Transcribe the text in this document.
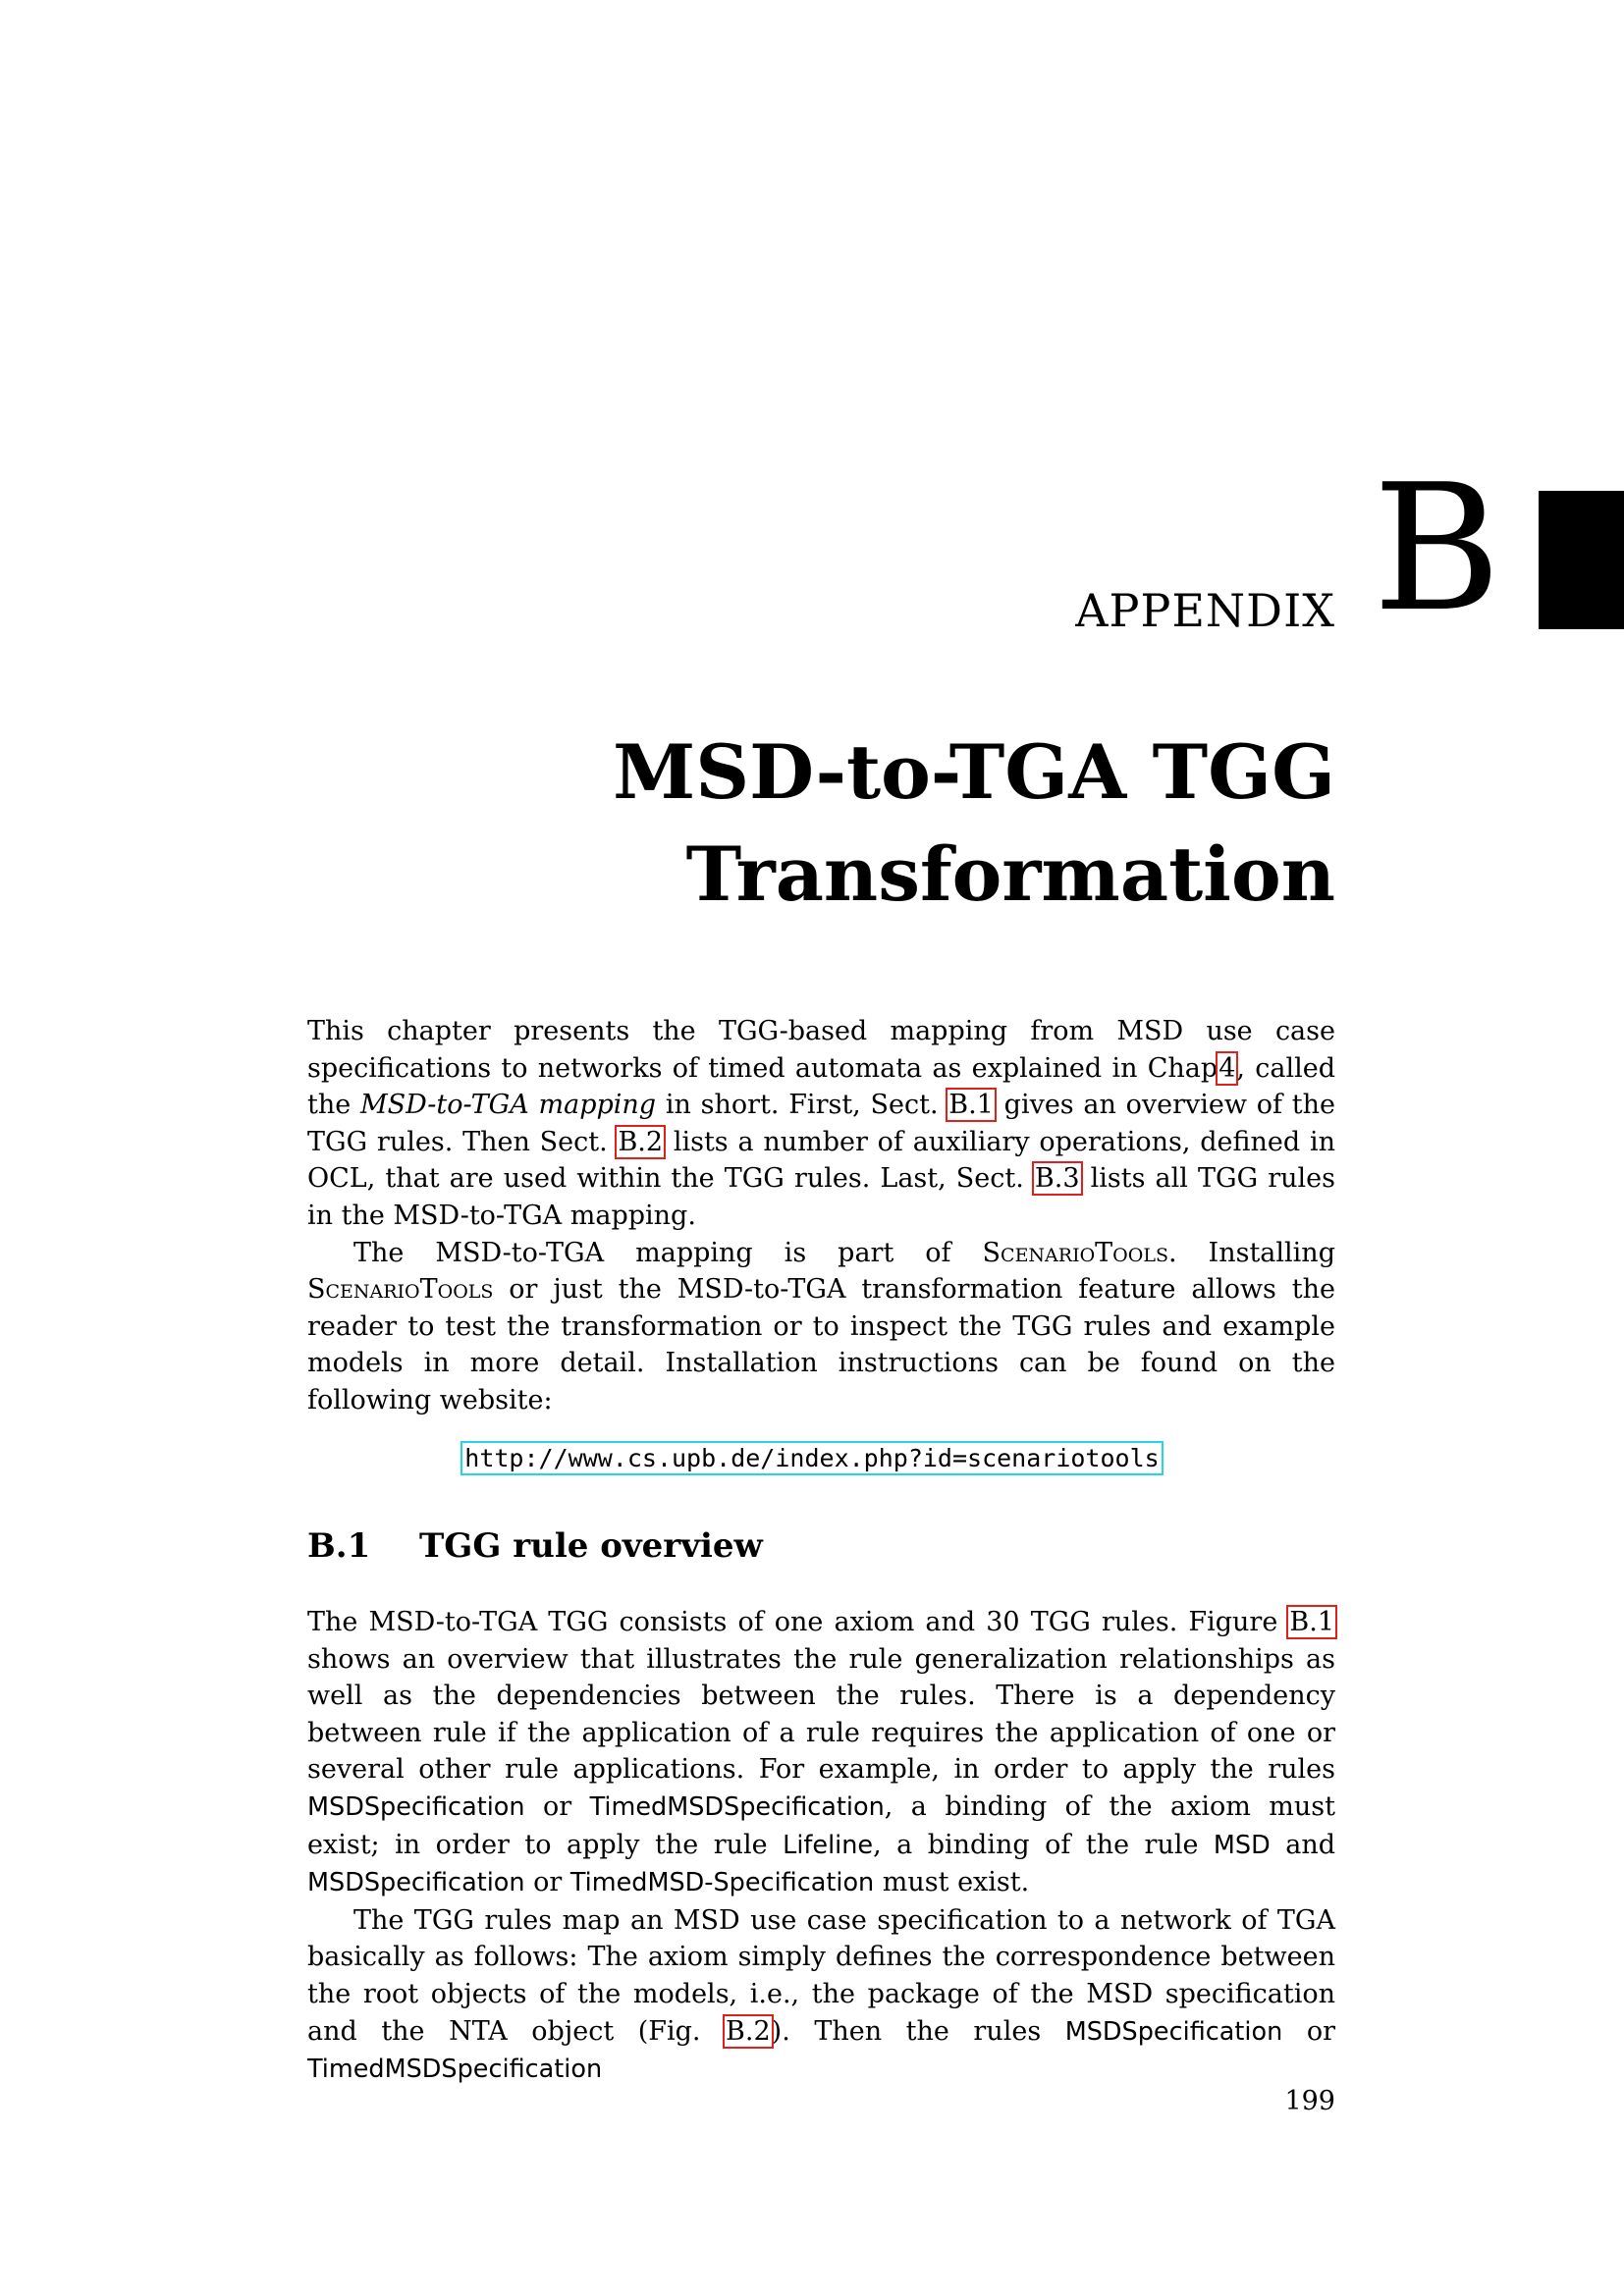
APPENDIX B
MSD-to-TGA TGG
Transformation

This chapter presents the TGG-based mapping from MSD use case specifications to networks of timed automata as explained in Chap4, called the MSD-to-TGA mapping in short. First, Sect. B.1 gives an overview of the TGG rules. Then Sect. B.2 lists a number of auxiliary operations, defined in OCL, that are used within the TGG rules. Last, Sect. B.3 lists all TGG rules in the MSD-to-TGA mapping.

The MSD-to-TGA mapping is part of ScenarioTools. Installing ScenarioTools or just the MSD-to-TGA transformation feature allows the reader to test the transformation or to inspect the TGG rules and example models in more detail. Installation instructions can be found on the following website:

http://www.cs.upb.de/index.php?id=scenariotools
B.1 TGG rule overview

The MSD-to-TGA TGG consists of one axiom and 30 TGG rules. Figure B.1 shows an overview that illustrates the rule generalization relationships as well as the dependencies between the rules. There is a dependency between rule if the application of a rule requires the application of one or several other rule applications. For example, in order to apply the rules MSDSpecification or TimedMSDSpecification, a binding of the axiom must exist; in order to apply the rule Lifeline, a binding of the rule MSD and MSDSpecification or TimedMSD-Specification must exist.

The TGG rules map an MSD use case specification to a network of TGA basically as follows: The axiom simply defines the correspondence between the root objects of the models, i.e., the package of the MSD specification and the NTA object (Fig. B.2). Then the rules MSDSpecification or TimedMSDSpecification

199
